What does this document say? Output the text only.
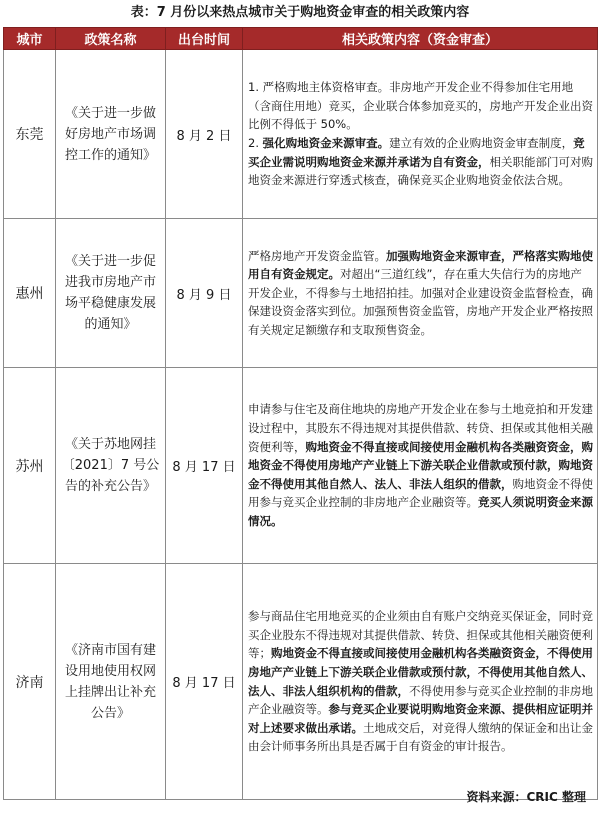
表：7 月份以来热点城市关于购地资金审查的相关政策内容
城市	政策名称	出台时间	相关政策内容（资金审查）
东莞	《关于进一步做好房地产市场调控工作的通知》	8 月 2 日	1. 严格购地主体资格审查。非房地产开发企业不得参加住宅用地（含商住用地）竞买，企业联合体参加竞买的，房地产开发企业出资比例不得低于 50%。
2. 强化购地资金来源审查。建立有效的企业购地资金审查制度，竞买企业需说明购地资金来源并承诺为自有资金，相关职能部门可对购地资金来源进行穿透式核查，确保竞买企业购地资金依法合规。
惠州	《关于进一步促进我市房地产市场平稳健康发展的通知》	8 月 9 日	严格房地产开发资金监管。加强购地资金来源审查，严格落实购地使用自有资金规定。对超出“三道红线”，存在重大失信行为的房地产开发企业，不得参与土地招拍挂。加强对企业建设资金监督检查，确保建设资金落实到位。加强预售资金监管，房地产开发企业严格按照有关规定足额缴存和支取预售资金。
苏州	《关于苏地网挂〔2021〕7 号公告的补充公告》	8 月 17 日	申请参与住宅及商住地块的房地产开发企业在参与土地竞拍和开发建设过程中，其股东不得违规对其提供借款、转贷、担保或其他相关融资便利等，购地资金不得直接或间接使用金融机构各类融资资金，购地资金不得使用房地产产业链上下游关联企业借款或预付款，购地资金不得使用其他自然人、法人、非法人组织的借款，购地资金不得使用参与竞买企业控制的非房地产企业融资等。竞买人须说明资金来源情况。
济南	《济南市国有建设用地使用权网上挂牌出让补充公告》	8 月 17 日	参与商品住宅用地竞买的企业须由自有账户交纳竞买保证金，同时竞买企业股东不得违规对其提供借款、转贷、担保或其他相关融资便利等；购地资金不得直接或间接使用金融机构各类融资资金，不得使用房地产产业链上下游关联企业借款或预付款，不得使用其他自然人、法人、非法人组织机构的借款，不得使用参与竞买企业控制的非房地产企业融资等。参与竞买企业要说明购地资金来源、提供相应证明并对上述要求做出承诺。土地成交后，对竞得人缴纳的保证金和出让金由会计师事务所出具是否属于自有资金的审计报告。
资料来源：CRIC 整理
